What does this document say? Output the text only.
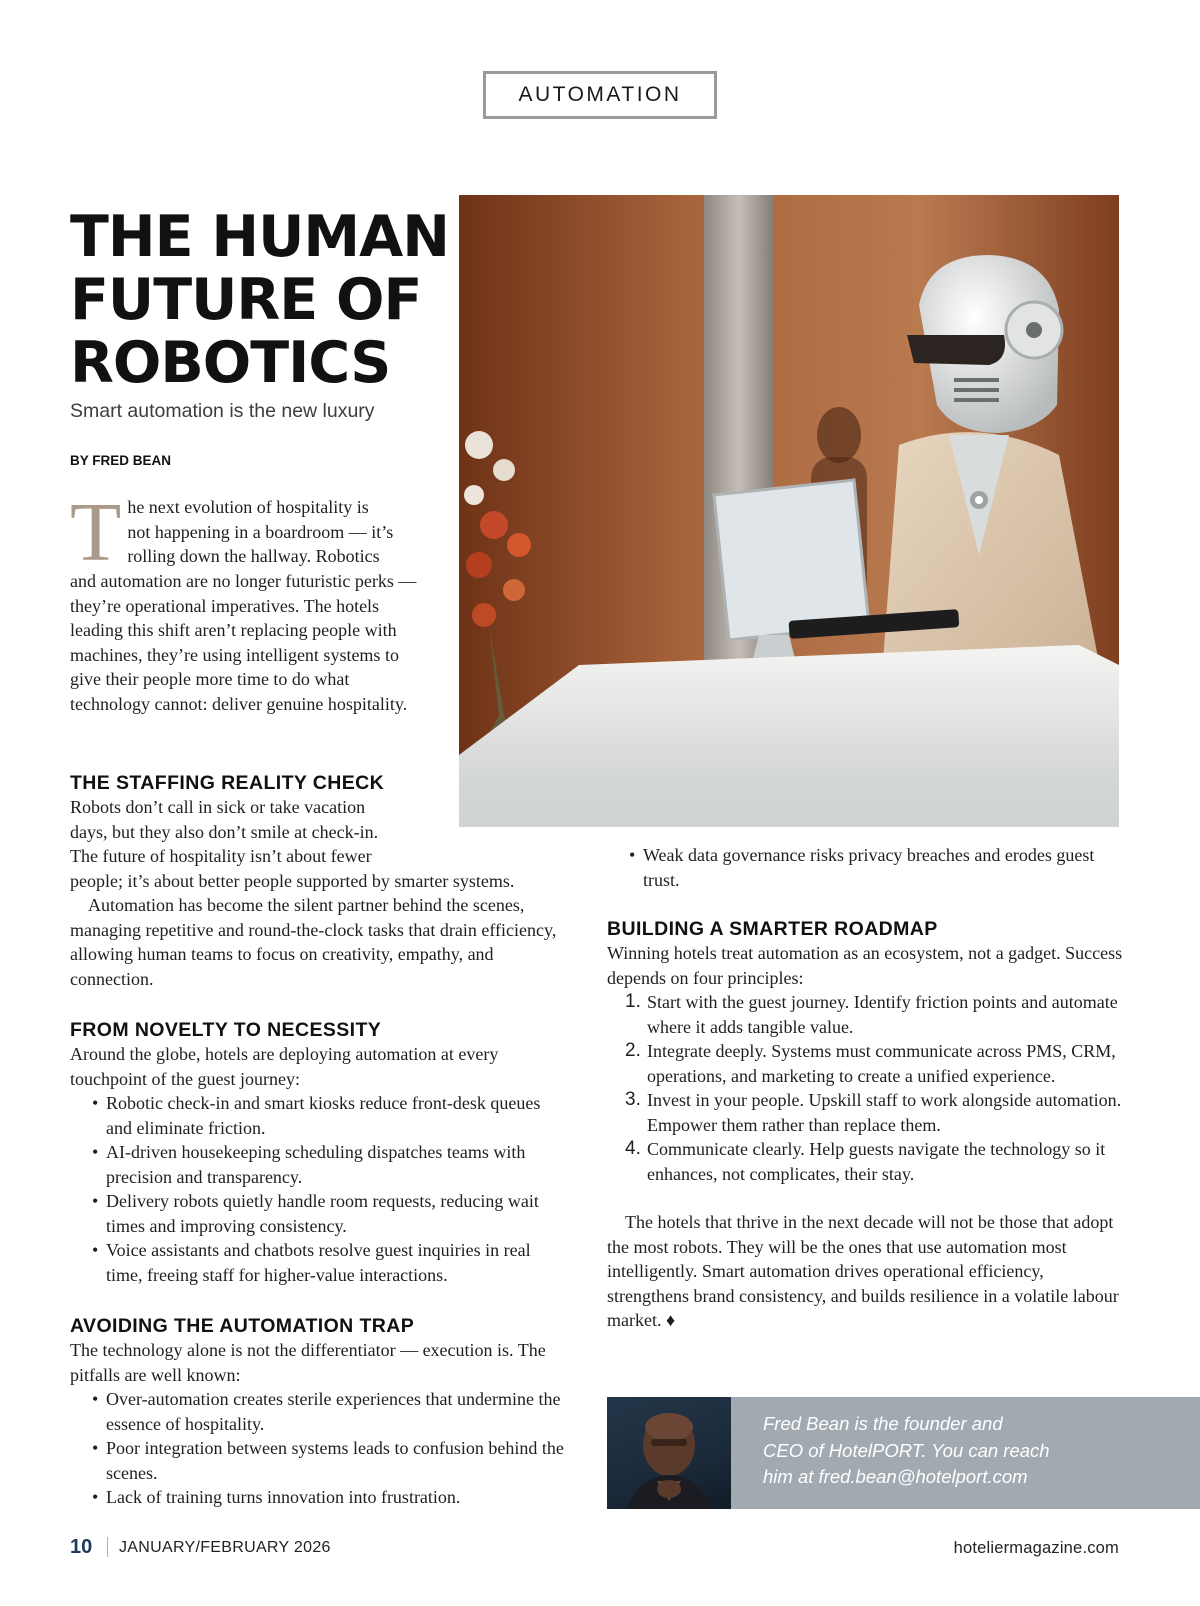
AUTOMATION
THE HUMAN
FUTURE OF
ROBOTICS
Smart automation is the new luxury
BY FRED BEAN
T he next evolution of hospitality is
not happening in a boardroom — it’s
rolling down the hallway. Robotics
and automation are no longer futuristic perks — they’re operational imperatives. The hotels leading this shift aren’t replacing people with machines, they’re using intelligent systems to give their people more time to do what technology cannot: deliver genuine hospitality.
THE STAFFING REALITY CHECK
Robots don’t call in sick or take vacation
days, but they also don’t smile at check-in.
The future of hospitality isn’t about fewer
people; it’s about better people supported by smarter systems.

Automation has become the silent partner behind the scenes, managing repetitive and round-the-clock tasks that drain efficiency, allowing human teams to focus on creativity, empathy, and connection.

FROM NOVELTY TO NECESSITY

Around the globe, hotels are deploying automation at every touchpoint of the guest journey:

• Robotic check-in and smart kiosks reduce front-desk queues and eliminate friction.
• AI-driven housekeeping scheduling dispatches teams with precision and transparency.
• Delivery robots quietly handle room requests, reducing wait times and improving consistency.
• Voice assistants and chatbots resolve guest inquiries in real time, freeing staff for higher-value interactions.
AVOIDING THE AUTOMATION TRAP

The technology alone is not the differentiator — execution is. The pitfalls are well known:

• Over-automation creates sterile experiences that undermine the essence of hospitality.
• Poor integration between systems leads to confusion behind the scenes.
• Lack of training turns innovation into frustration.
• Weak data governance risks privacy breaches and erodes guest trust.
BUILDING A SMARTER ROADMAP

Winning hotels treat automation as an ecosystem, not a gadget. Success depends on four principles:

1. Start with the guest journey. Identify friction points and automate where it adds tangible value.
2. Integrate deeply. Systems must communicate across PMS, CRM, operations, and marketing to create a unified experience.
3. Invest in your people. Upskill staff to work alongside automation. Empower them rather than replace them.
4. Communicate clearly. Help guests navigate the technology so it enhances, not complicates, their stay.

The hotels that thrive in the next decade will not be those that adopt the most robots. They will be the ones that use automation most intelligently. Smart automation drives operational efficiency, strengthens brand consistency, and builds resilience in a volatile labour market. ♦

Fred Bean is the founder and
CEO of HotelPORT. You can reach
him at fred.bean@hotelport.com
10 JANUARY/FEBRUARY 2026	hoteliermagazine.com
